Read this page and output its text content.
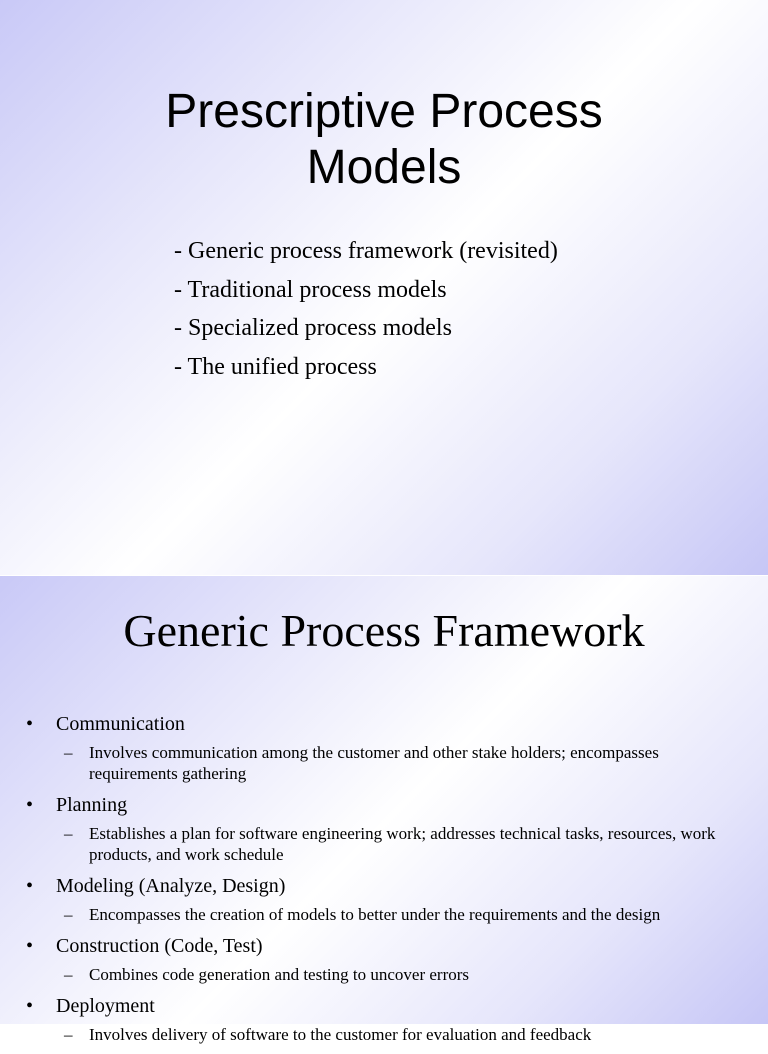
Prescriptive Process
Models
- Generic process framework (revisited)
- Traditional process models
- Specialized process models
- The unified process
Generic Process Framework
• Communication
– Involves communication among the customer and other stake holders; encompasses requirements gathering
• Planning
– Establishes a plan for software engineering work; addresses technical tasks, resources, work products, and work schedule
• Modeling (Analyze, Design)
– Encompasses the creation of models to better under the requirements and the design
• Construction (Code, Test)
– Combines code generation and testing to uncover errors
• Deployment
– Involves delivery of software to the customer for evaluation and feedback
